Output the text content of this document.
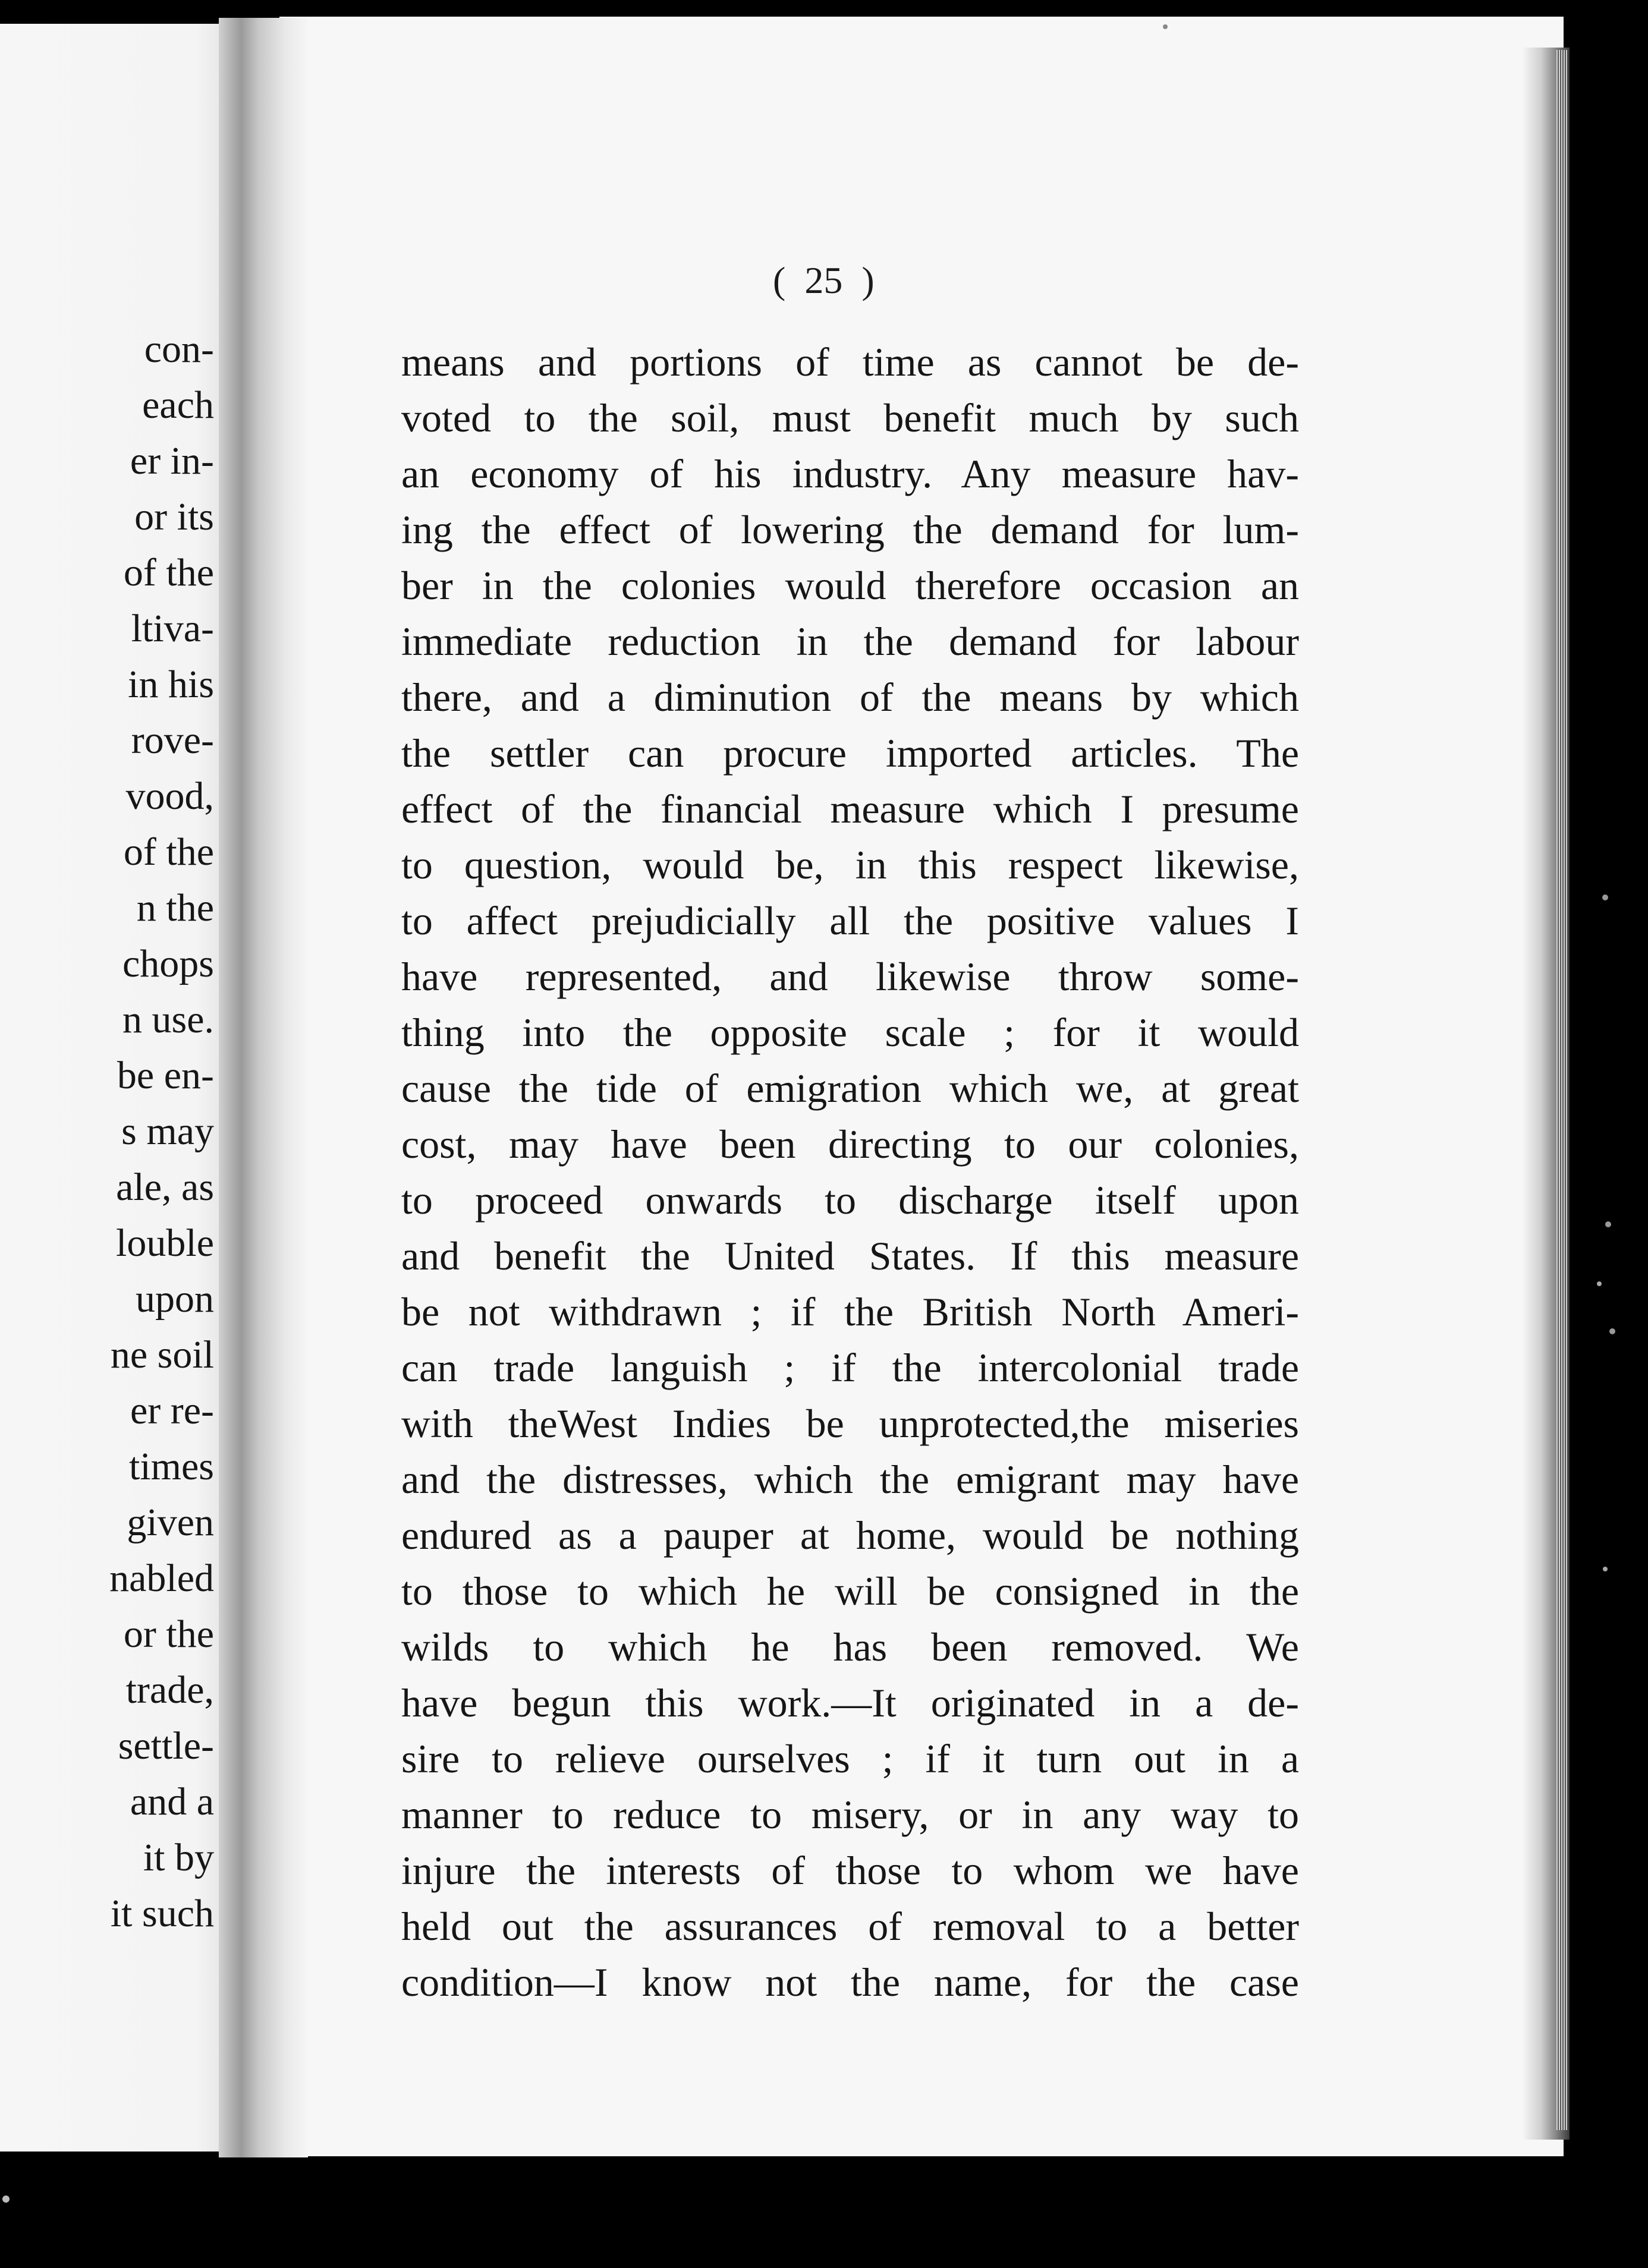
con-

each

er in-

or its

of the

ltiva-

in his

rove-

vood,

of the

n the

chops

n use.

be en-

s may

ale, as

louble

upon

ne soil

er re-

times

given

nabled

or the

trade,

settle-

and a

it by

it such

(  25  )

means and portions of time as cannot be de-

voted to the soil, must benefit much by such

an economy of his industry. Any measure hav-

ing the effect of lowering the demand for lum-

ber in the colonies would therefore occasion an

immediate reduction in the demand for labour

there, and a diminution of the means by which

the settler can procure imported articles. The

effect of the financial measure which I presume

to question, would be, in this respect likewise,

to affect prejudicially all the positive values I

have represented, and likewise throw some-

thing into the opposite scale ; for it would

cause the tide of emigration which we, at great

cost, may have been directing to our colonies,

to proceed onwards to discharge itself upon

and benefit the United States. If this measure

be not withdrawn ; if the British North Ameri-

can trade languish ; if the intercolonial trade

with theWest Indies be unprotected,the miseries

and the distresses, which the emigrant may have

endured as a pauper at home, would be nothing

to those to which he will be consigned in the

wilds to which he has been removed. We

have begun this work.—It originated in a de-

sire to relieve ourselves ; if it turn out in a

manner to reduce to misery, or in any way to

injure the interests of those to whom we have

held out the assurances of removal to a better

condition—I know not the name, for the case
